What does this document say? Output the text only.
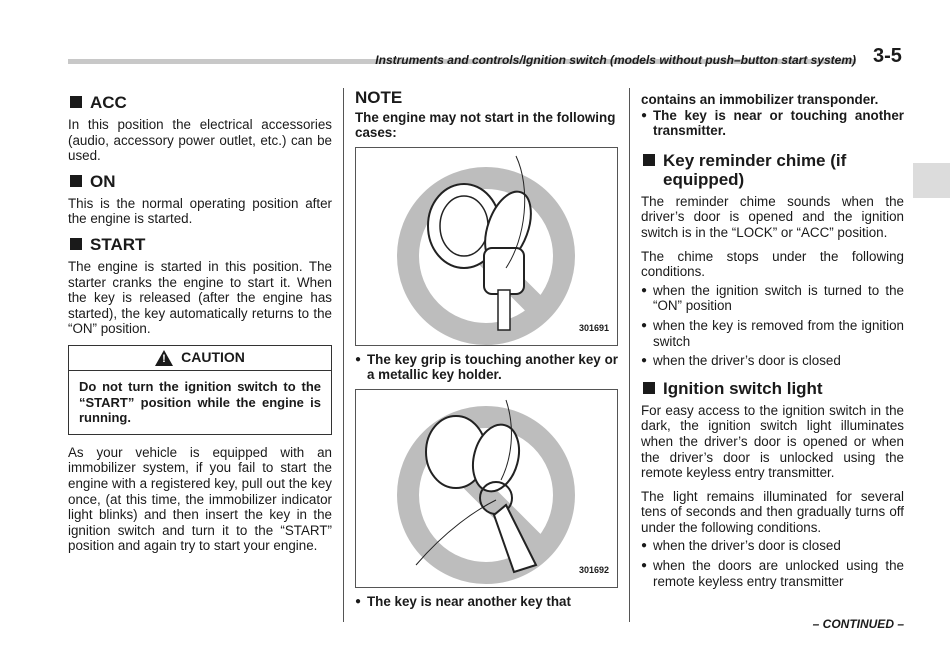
Instruments and controls/Ignition switch (models without push–button start system) 3-5
ACC

In this position the electrical accessories (audio, accessory power outlet, etc.) can be used.

ON

This is the normal operating position after the engine is started.

START

The engine is started in this position. The starter cranks the engine to start it. When the key is released (after the engine has started), the key automatically returns to the “ON” position.

! CAUTION
Do not turn the ignition switch to the “START” position while the engine is running.

As your vehicle is equipped with an immobilizer system, if you fail to start the engine with a registered key, pull out the key once, (at this time, the immobilizer indicator light blinks) and then insert the key in the ignition switch and turn it to the “START” position and again try to start your engine.

NOTE

The engine may not start in the following cases:

301691
● The key grip is touching another key or a metallic key holder.
301692
● The key is near another key that

contains an immobilizer transponder.

● The key is near or touching another transmitter.
Key reminder chime (if equipped)

The reminder chime sounds when the driver’s door is opened and the ignition switch is in the “LOCK” or “ACC” position.

The chime stops under the following conditions.

● when the ignition switch is turned to the “ON” position
● when the key is removed from the ignition switch
● when the driver’s door is closed
Ignition switch light

For easy access to the ignition switch in the dark, the ignition switch light illuminates when the driver’s door is opened or when the driver’s door is unlocked using the remote keyless entry transmitter.

The light remains illuminated for several tens of seconds and then gradually turns off under the following conditions.

● when the driver’s door is closed
● when the doors are unlocked using the remote keyless entry transmitter
– CONTINUED –
